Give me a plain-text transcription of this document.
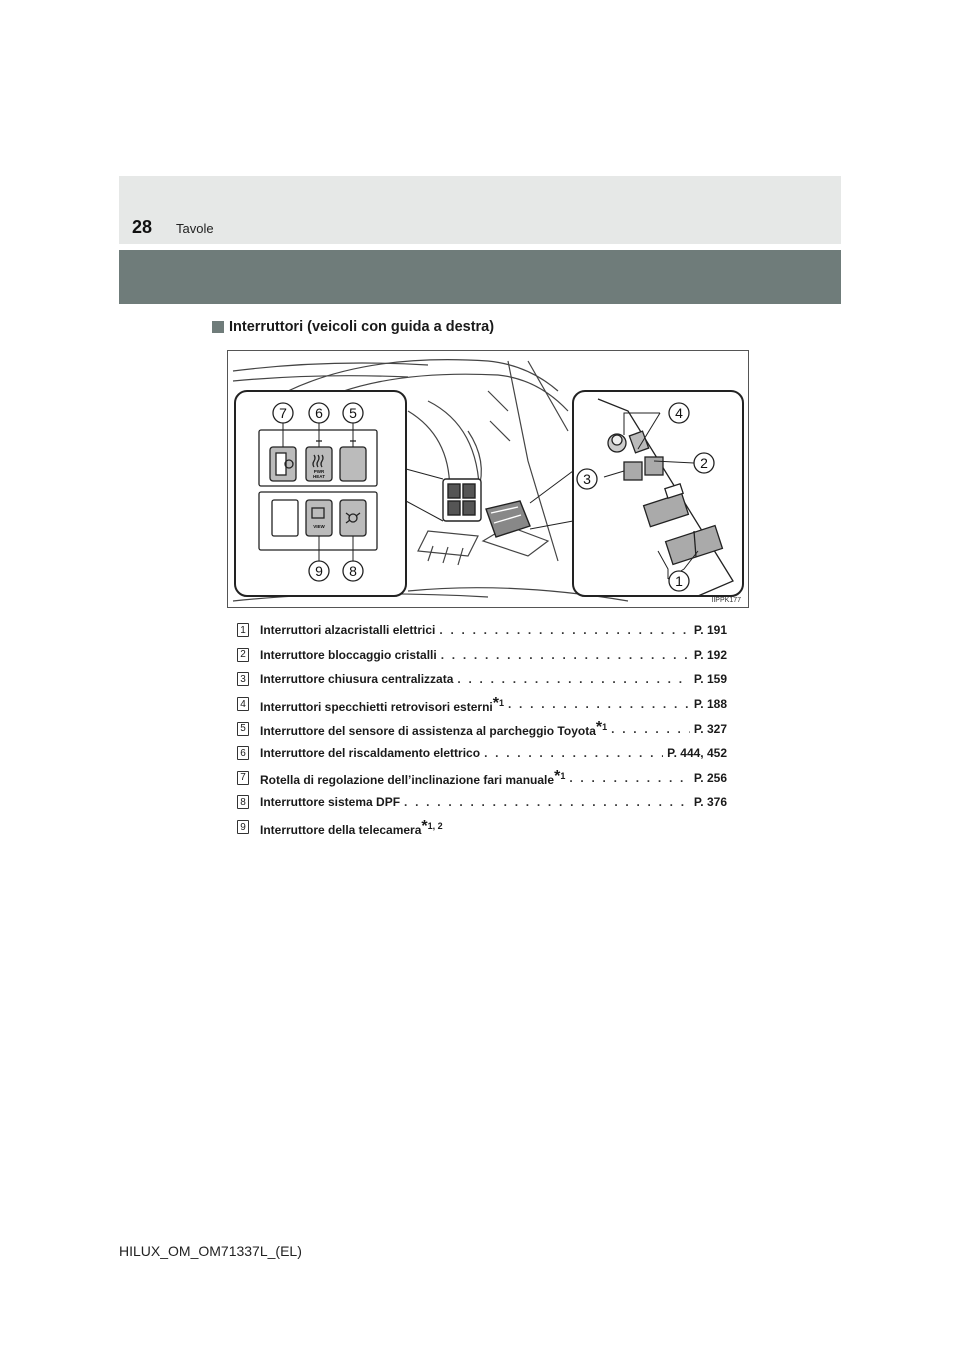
28 Tavole
Interruttori (veicoli con guida a destra)
7 6 5
9 8
4
2
3
1
PWR
HEAT
VIEW
IIPPK177
1 Interruttori alzacristalli elettrici . . .	P. 191
2 Interruttore bloccaggio cristalli . . .	P. 192
3 Interruttore chiusura centralizzata . . .	P. 159
4 Interruttori specchietti retrovisori esterni$^{*1}$ . . .	P. 188
5 Interruttore del sensore di assistenza al parcheggio Toyota$^{*1}$ . . .	P. 327
6 Interruttore del riscaldamento elettrico . . .	P. 444, 452
7 Rotella di regolazione dell’inclinazione fari manuale$^{*1}$ . . .	P. 256
8 Interruttore sistema DPF . . .	P. 376
9 Interruttore della telecamera$^{*1, 2}$
HILUX_OM_OM71337L_(EL)
